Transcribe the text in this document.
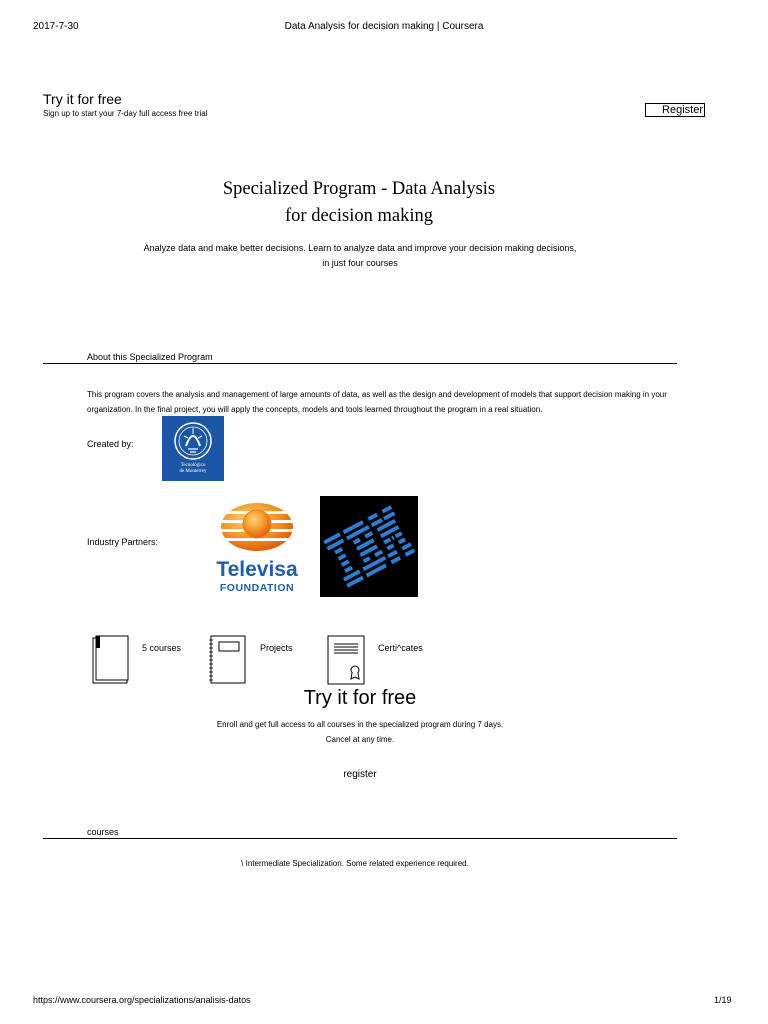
2017-7-30	Data Analysis for decision making | Coursera
Try it for free
Sign up to start your 7-day full access free trial	Register
Specialized Program - Data Analysis
for decision making
Analyze data and make better decisions. Learn to analyze data and improve your decision making decisions, in just four courses
About this Specialized Program
This program covers the analysis and management of large amounts of data, as well as the design and development of models that support decision making in your organization. In the final project, you will apply the concepts, models and tools learned throughout the program in a real situation.
Created by:
Tecnológico
de Monterrey
Industry Partners:
Televisa
FOUNDATION
5 courses	Projects	Certi^cates
Try it for free
Enroll and get full access to all courses in the specialized program during 7 days. Cancel at any time.
register
courses
\ Intermediate Specialization. Some related experience required.
https://www.coursera.org/specializations/analisis-datos	1/19
